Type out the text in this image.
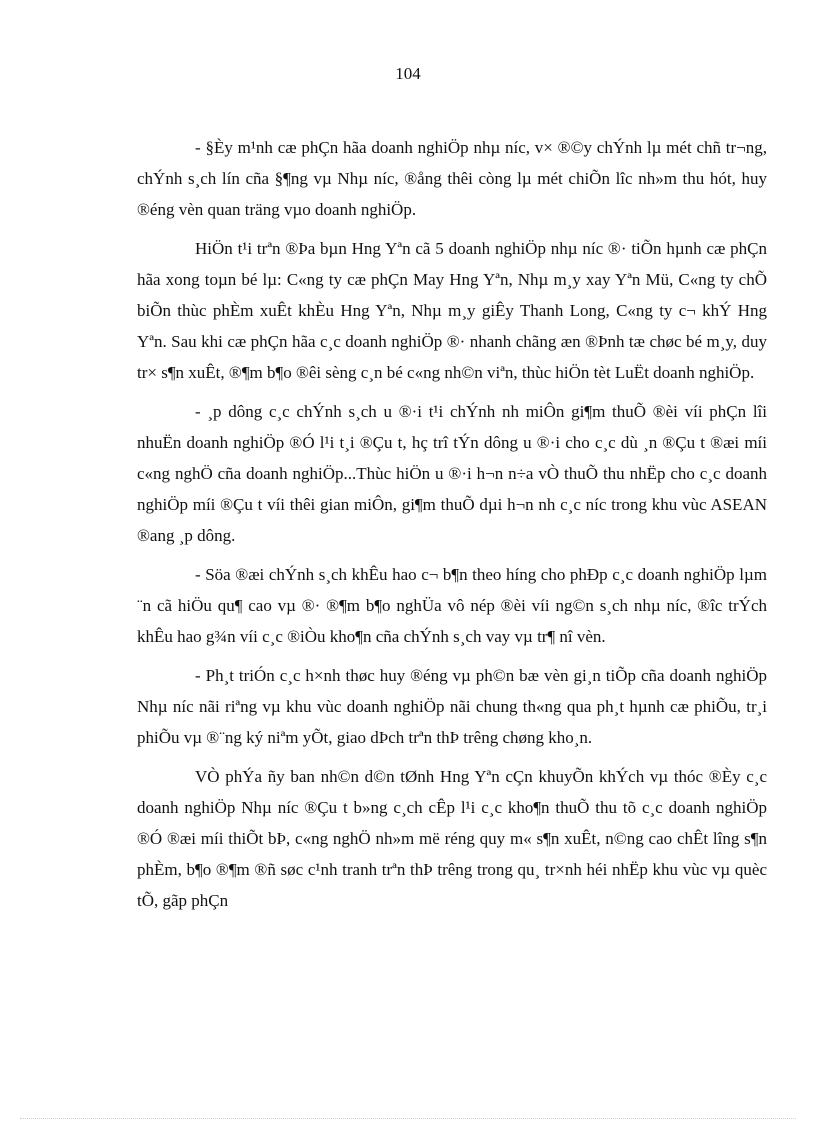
104

- §Èy m¹nh cæ phÇn hãa doanh nghiÖp nhµ níc, v× ®©y chÝnh lµ mét chñ tr¬ng, chÝnh s¸ch lín cña §¶ng vµ Nhµ níc, ®ång thêi còng lµ mét chiÕn lîc nh»m thu hót, huy ®éng vèn quan träng vµo doanh nghiÖp.

HiÖn t¹i trªn ®Þa bµn Hng Yªn cã 5 doanh nghiÖp nhµ níc ®· tiÕn hµnh cæ phÇn hãa xong toµn bé lµ: C«ng ty cæ phÇn May Hng Yªn, Nhµ m¸y xay Yªn Mü, C«ng ty chÕ biÕn thùc phÈm xuÊt khÈu Hng Yªn, Nhµ m¸y giÊy Thanh Long, C«ng ty c¬ khÝ Hng Yªn. Sau khi cæ phÇn hãa c¸c doanh nghiÖp ®· nhanh chãng æn ®Þnh tæ chøc bé m¸y, duy tr× s¶n xuÊt, ®¶m b¶o ®êi sèng c¸n bé c«ng nh©n viªn, thùc hiÖn tèt LuËt doanh nghiÖp.

- ¸p dông c¸c chÝnh s¸ch u ®·i t¹i chÝnh nh miÔn gi¶m thuÕ ®èi víi phÇn lîi nhuËn doanh nghiÖp ®Ó l¹i t¸i ®Çu t, hç trî tÝn dông u ®·i cho c¸c dù ¸n ®Çu t ®æi míi c«ng nghÖ cña doanh nghiÖp...Thùc hiÖn u ®·i h¬n n÷a vÒ thuÕ thu nhËp cho c¸c doanh nghiÖp míi ®Çu t víi thêi gian miÔn, gi¶m thuÕ dµi h¬n nh c¸c níc trong khu vùc ASEAN ®ang ¸p dông.

- Söa ®æi chÝnh s¸ch khÊu hao c¬ b¶n theo híng cho phÐp c¸c doanh nghiÖp lµm ¨n cã hiÖu qu¶ cao vµ ®· ®¶m b¶o nghÜa vô nép ®èi víi ng©n s¸ch nhµ níc, ®îc trÝch khÊu hao g¾n víi c¸c ®iÒu kho¶n cña chÝnh s¸ch vay vµ tr¶ nî vèn.

- Ph¸t triÓn c¸c h×nh thøc huy ®éng vµ ph©n bæ vèn gi¸n tiÕp cña doanh nghiÖp Nhµ níc nãi riªng vµ khu vùc doanh nghiÖp nãi chung th«ng qua ph¸t hµnh cæ phiÕu, tr¸i phiÕu vµ ®¨ng ký niªm yÕt, giao dÞch trªn thÞ trêng chøng kho¸n.

VÒ phÝa ñy ban nh©n d©n tØnh Hng Yªn cÇn khuyÕn khÝch vµ thóc ®Èy c¸c doanh nghiÖp Nhµ níc ®Çu t b»ng c¸ch cÊp l¹i c¸c kho¶n thuÕ thu tõ c¸c doanh nghiÖp ®Ó ®æi míi thiÕt bÞ, c«ng nghÖ nh»m më réng quy m« s¶n xuÊt, n©ng cao chÊt lîng s¶n phÈm, b¶o ®¶m ®ñ søc c¹nh tranh trªn thÞ trêng trong qu¸ tr×nh héi nhËp khu vùc vµ quèc tÕ, gãp phÇn
